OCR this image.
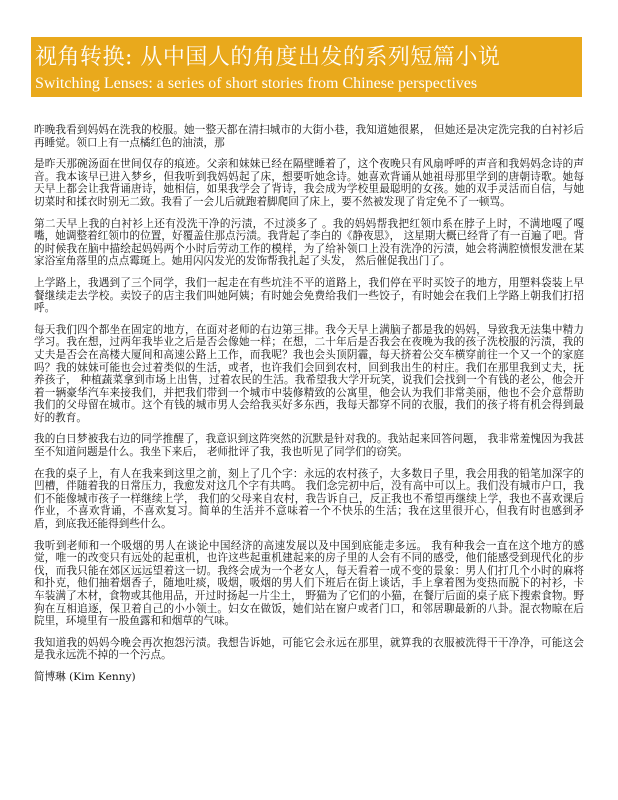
视角转换: 从中国人的角度出发的系列短篇小说
Switching Lenses: a series of short stories from Chinese perspectives

昨晚我看到妈妈在洗我的校服。她一整天都在清扫城市的大街小巷，我知道她很累， 但她还是决定洗完我的白衬衫后再睡觉。领口上有一点橘红色的油渍，那

是昨天那碗汤面在世间仅存的痕迹。父亲和妹妹已经在隔壁睡着了，这个夜晚只有风扇呼呼的声音和我妈妈念诗的声音。我本该早已进入梦乡，但我听到我妈妈起了床，想要听她念诗。她喜欢背诵从她祖母那里学到的唐朝诗歌。她每天早上都会让我背诵唐诗，她相信，如果我学会了背诗，我会成为学校里最聪明的女孩。她的双手灵活而自信，与她切菜时和揉衣时别无二致。我看了一会儿后就跑着脚爬回了床上，要不然被发现了肯定免不了一顿骂。

第二天早上我的白衬衫上还有没洗干净的污渍，不过淡多了 。我的妈妈帮我把红领巾系在脖子上时，不满地嘎了嘎嘴，她调整着红领巾的位置，好覆盖住那点污渍。我背起了李白的《静夜思》， 这星期大概已经背了有一百遍了吧。背的时候我在脑中描绘起妈妈两个小时后劳动工作的模样，为了给补领口上没有洗净的污渍，她会将满腔愤恨发泄在某家浴室角落里的点点霉斑上。她用闪闪发光的发饰帮我扎起了头发， 然后催促我出门了。

上学路上，我遇到了三个同学，我们一起走在有些坑洼不平的道路上，我们停在平时买饺子的地方，用塑料袋装上早餐继续走去学校。卖饺子的店主我们叫她阿姨；有时她会免费给我们一些饺子，有时她会在我们上学路上朝我们打招呼。

每天我们四个都坐在固定的地方，在面对老师的右边第三排。我今天早上满脑子都是我的妈妈，导致我无法集中精力学习。我在想，过两年我毕业之后是否会像她一样；在想，二十年后是否我会在夜晚为我的孩子洗校服的污渍，我的丈夫是否会在高楼大厦间和高速公路上工作，而我呢？我也会头顶阴霾，每天挤着公交车横穿前往一个又一个的家庭吗？我的妹妹可能也会过着类似的生活，或者，也许我们会回到农村，回到我出生的村庄。我们在那里我到丈夫，抚养孩子， 种植蔬菜拿到市场上出售，过着农民的生活。我希望我大学开玩笑，说我们会找到一个有钱的老公，他会开着一辆豪华汽车来接我们，并把我们带到一个城市中装修精致的公寓里，他会认为我们非常美丽，他也不会介意帮助我们的父母留在城市。这个有钱的城市男人会给我买好多东西，我每天都穿不同的衣服，我们的孩子将有机会得到最好的教育。

我的白日梦被我右边的同学推醒了，我意识到这阵突然的沉默是针对我的。我站起来回答问题， 我非常羞愧因为我甚至不知道问题是什么。我坐下来后， 老师批评了我，我也听见了同学们的窃笑。

在我的桌子上，有人在我来到这里之前，刻上了几个字：永远的农村孩子，大多数日子里，我会用我的铅笔加深字的凹槽，伴随着我的日常压力，我愈发对这几个字有共鸣。 我们念完初中后，没有高中可以上。我们没有城市户口，我们不能像城市孩子一样继续上学， 我们的父母来自农村，我告诉自己，反正我也不希望再继续上学，我也不喜欢课后作业，不喜欢背诵，不喜欢复习。简单的生活并不意味着一个不快乐的生活；我在这里很开心，但我有时也感到矛盾，到底我还能得到些什么。

我听到老师和一个吸烟的男人在谈论中国经济的高速发展以及中国到底能走多远。 我有种我会一直在这个地方的感觉，唯一的改变只有远处的起重机，也许这些起重机建起来的房子里的人会有不同的感受，他们能感受到现代化的步伐，而我只能在郊区远远望着这一切。我终会成为一个老女人，每天看着一成不变的景象：男人们打几个小时的麻将和扑克，他们抽着烟香子，随地吐痰，吸烟，吸烟的男人们下班后在街上谈话，手上拿着图为变热而脱下的衬衫，卡车装满了木材，食物或其他用品，开过时扬起一片尘土， 野猫为了它们的小猫，在餐厅后面的桌子底下搜索食物。野狗在互相追逐，保卫着自己的小小领土。妇女在做饭，她们站在窗户或者门口，和邻居聊最新的八卦。混衣物晾在后院里，环境里有一股鱼露和和烟草的气味。

我知道我的妈妈今晚会再次抱怨污渍。我想告诉她，可能它会永远在那里，就算我的衣服被洗得干干净净，可能这会是我永远洗不掉的一个污点。

简博琳 (Kim Kenny)
